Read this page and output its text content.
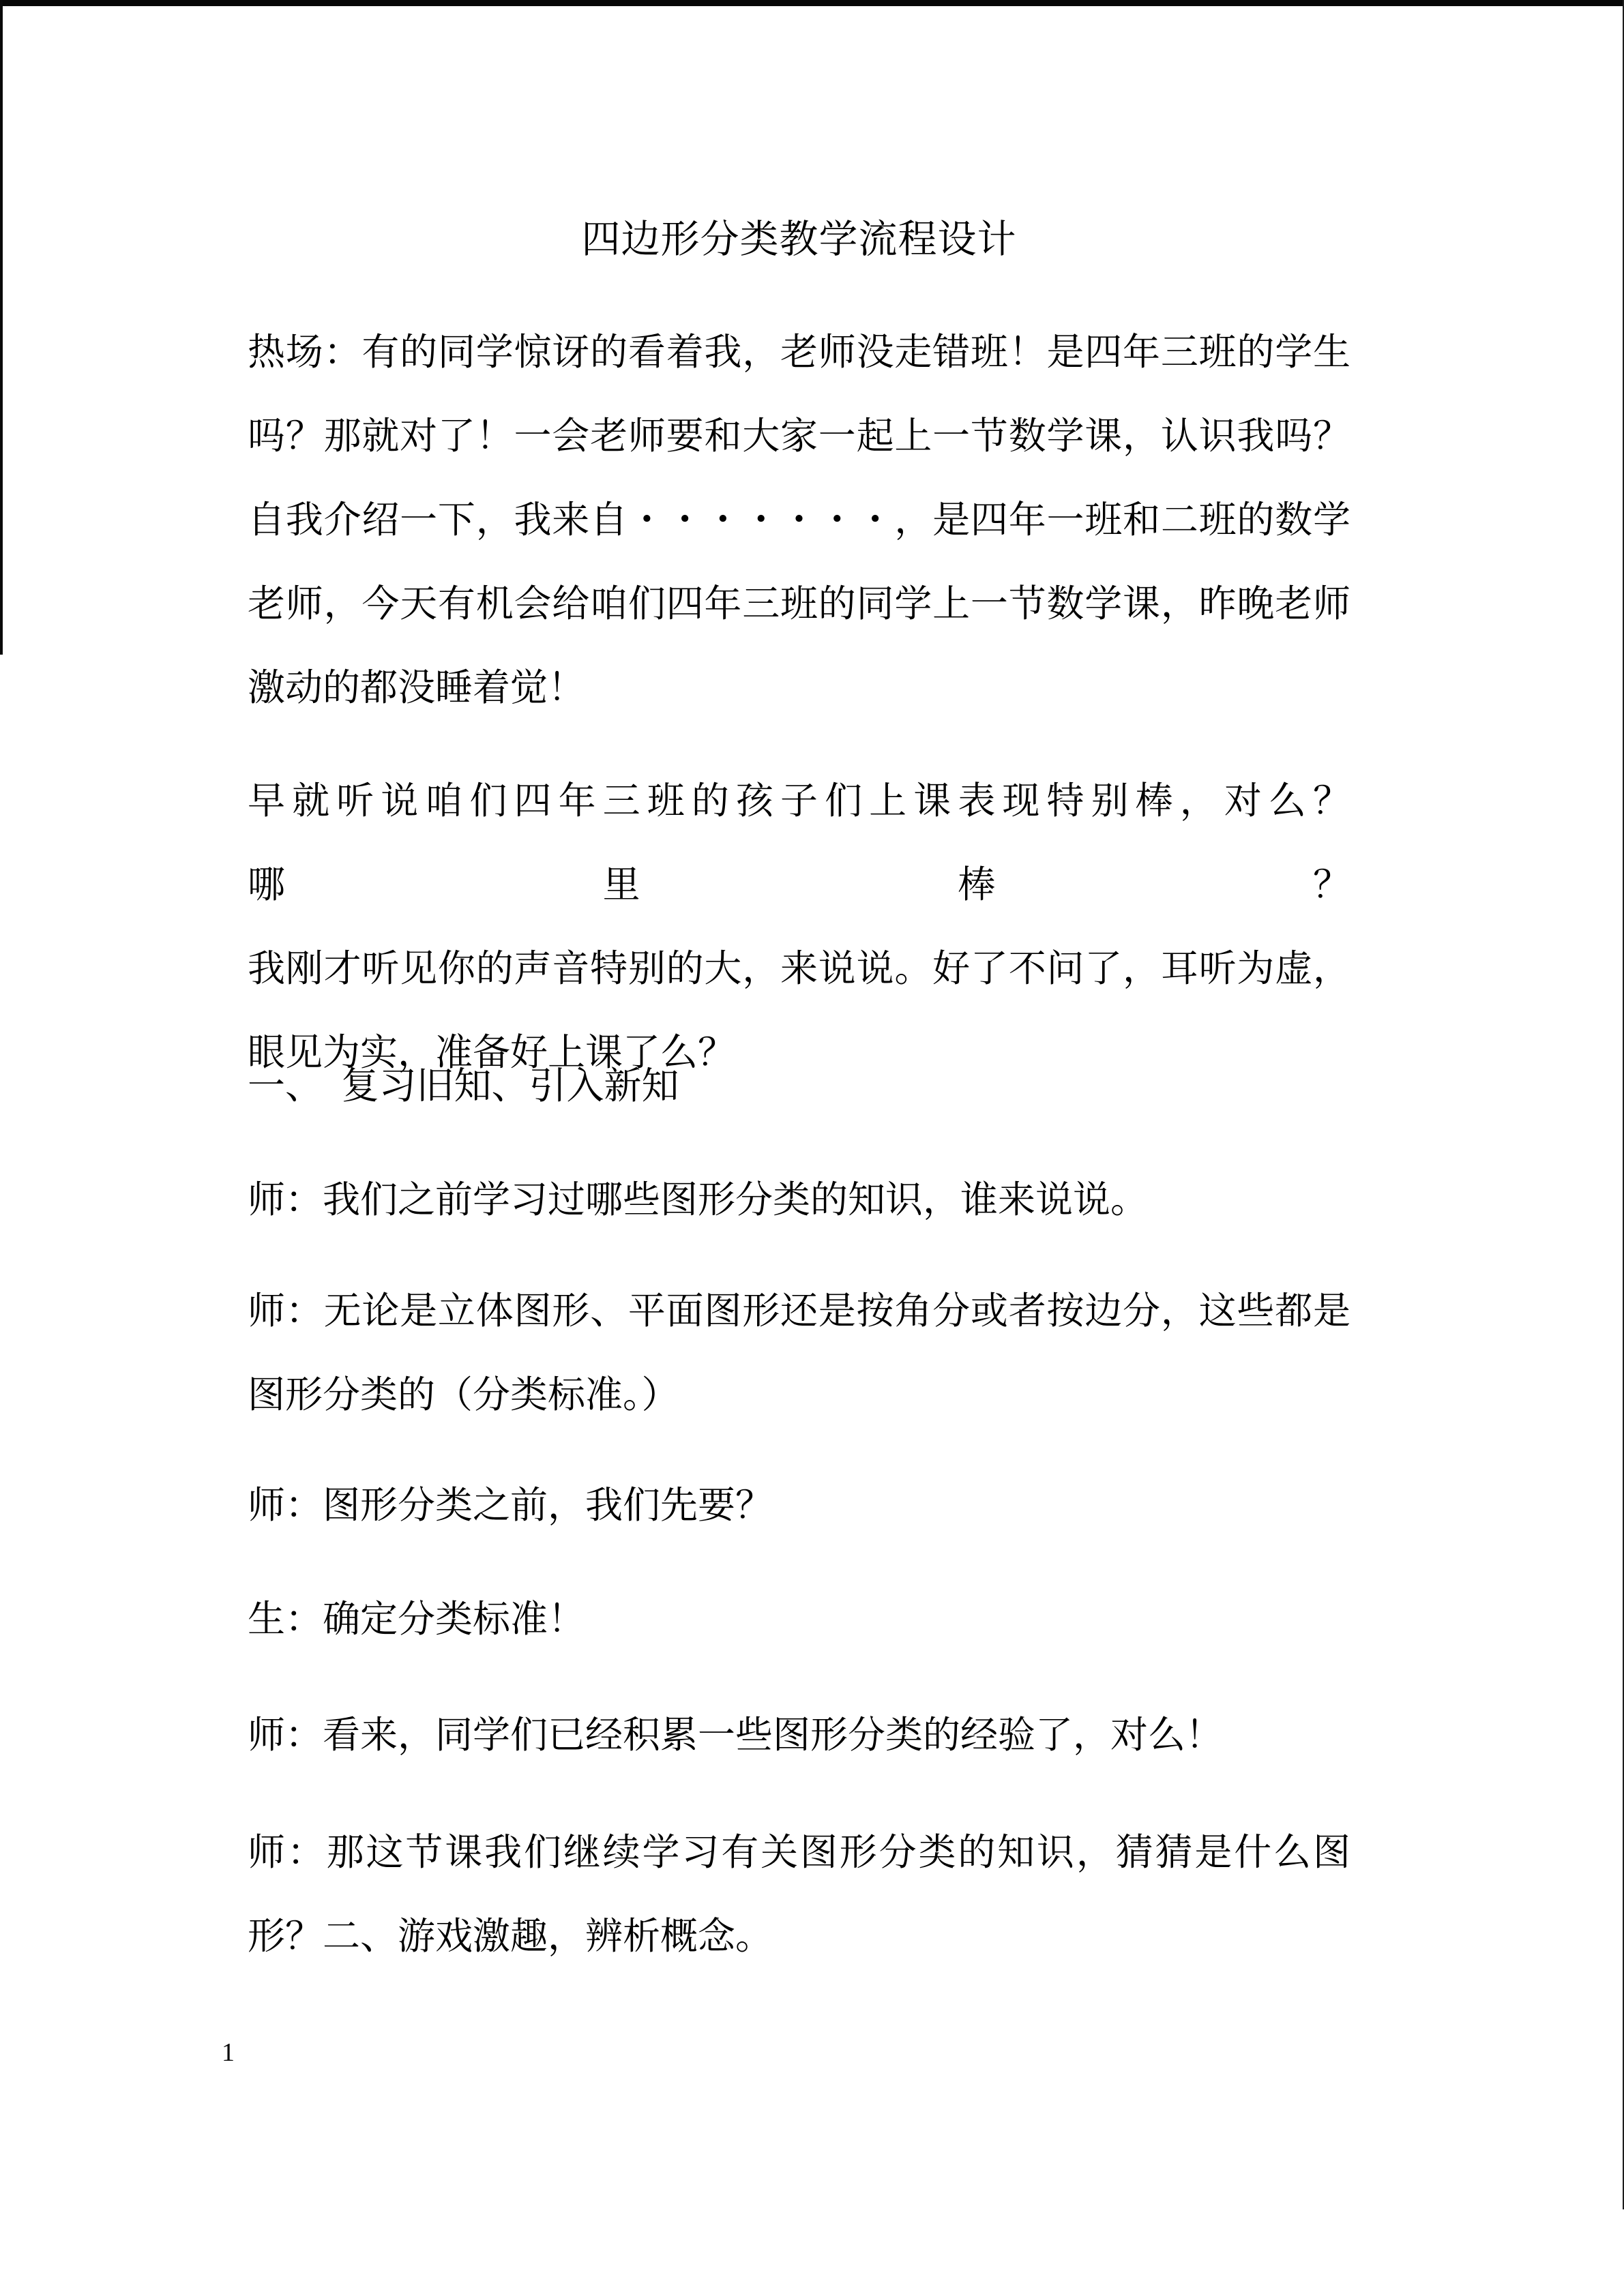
四边形分类教学流程设计
热场：有的同学惊讶的看着我，老师没走错班！是四年三班的学生
吗？那就对了！一会老师要和大家一起上一节数学课，认识我吗？
自我介绍一下，我来自・・・・・・・，是四年一班和二班的数学
老师，今天有机会给咱们四年三班的同学上一节数学课，昨晚老师
激动的都没睡着觉！
早就听说咱们四年三班的孩子们上课表现特别棒，对么？　哪里棒？
我刚才听见你的声音特别的大，来说说。好了不问了，耳听为虚，
眼见为实，准备好上课了么？
一、　复习旧知、引入新知
师：我们之前学习过哪些图形分类的知识，谁来说说。
师：无论是立体图形、平面图形还是按角分或者按边分，这些都是
图形分类的（分类标准。）
师：图形分类之前，我们先要？
生：确定分类标准！
师：看来，同学们已经积累一些图形分类的经验了，对么！
师：那这节课我们继续学习有关图形分类的知识，猜猜是什么图
形？二、游戏激趣，辨析概念。
1
